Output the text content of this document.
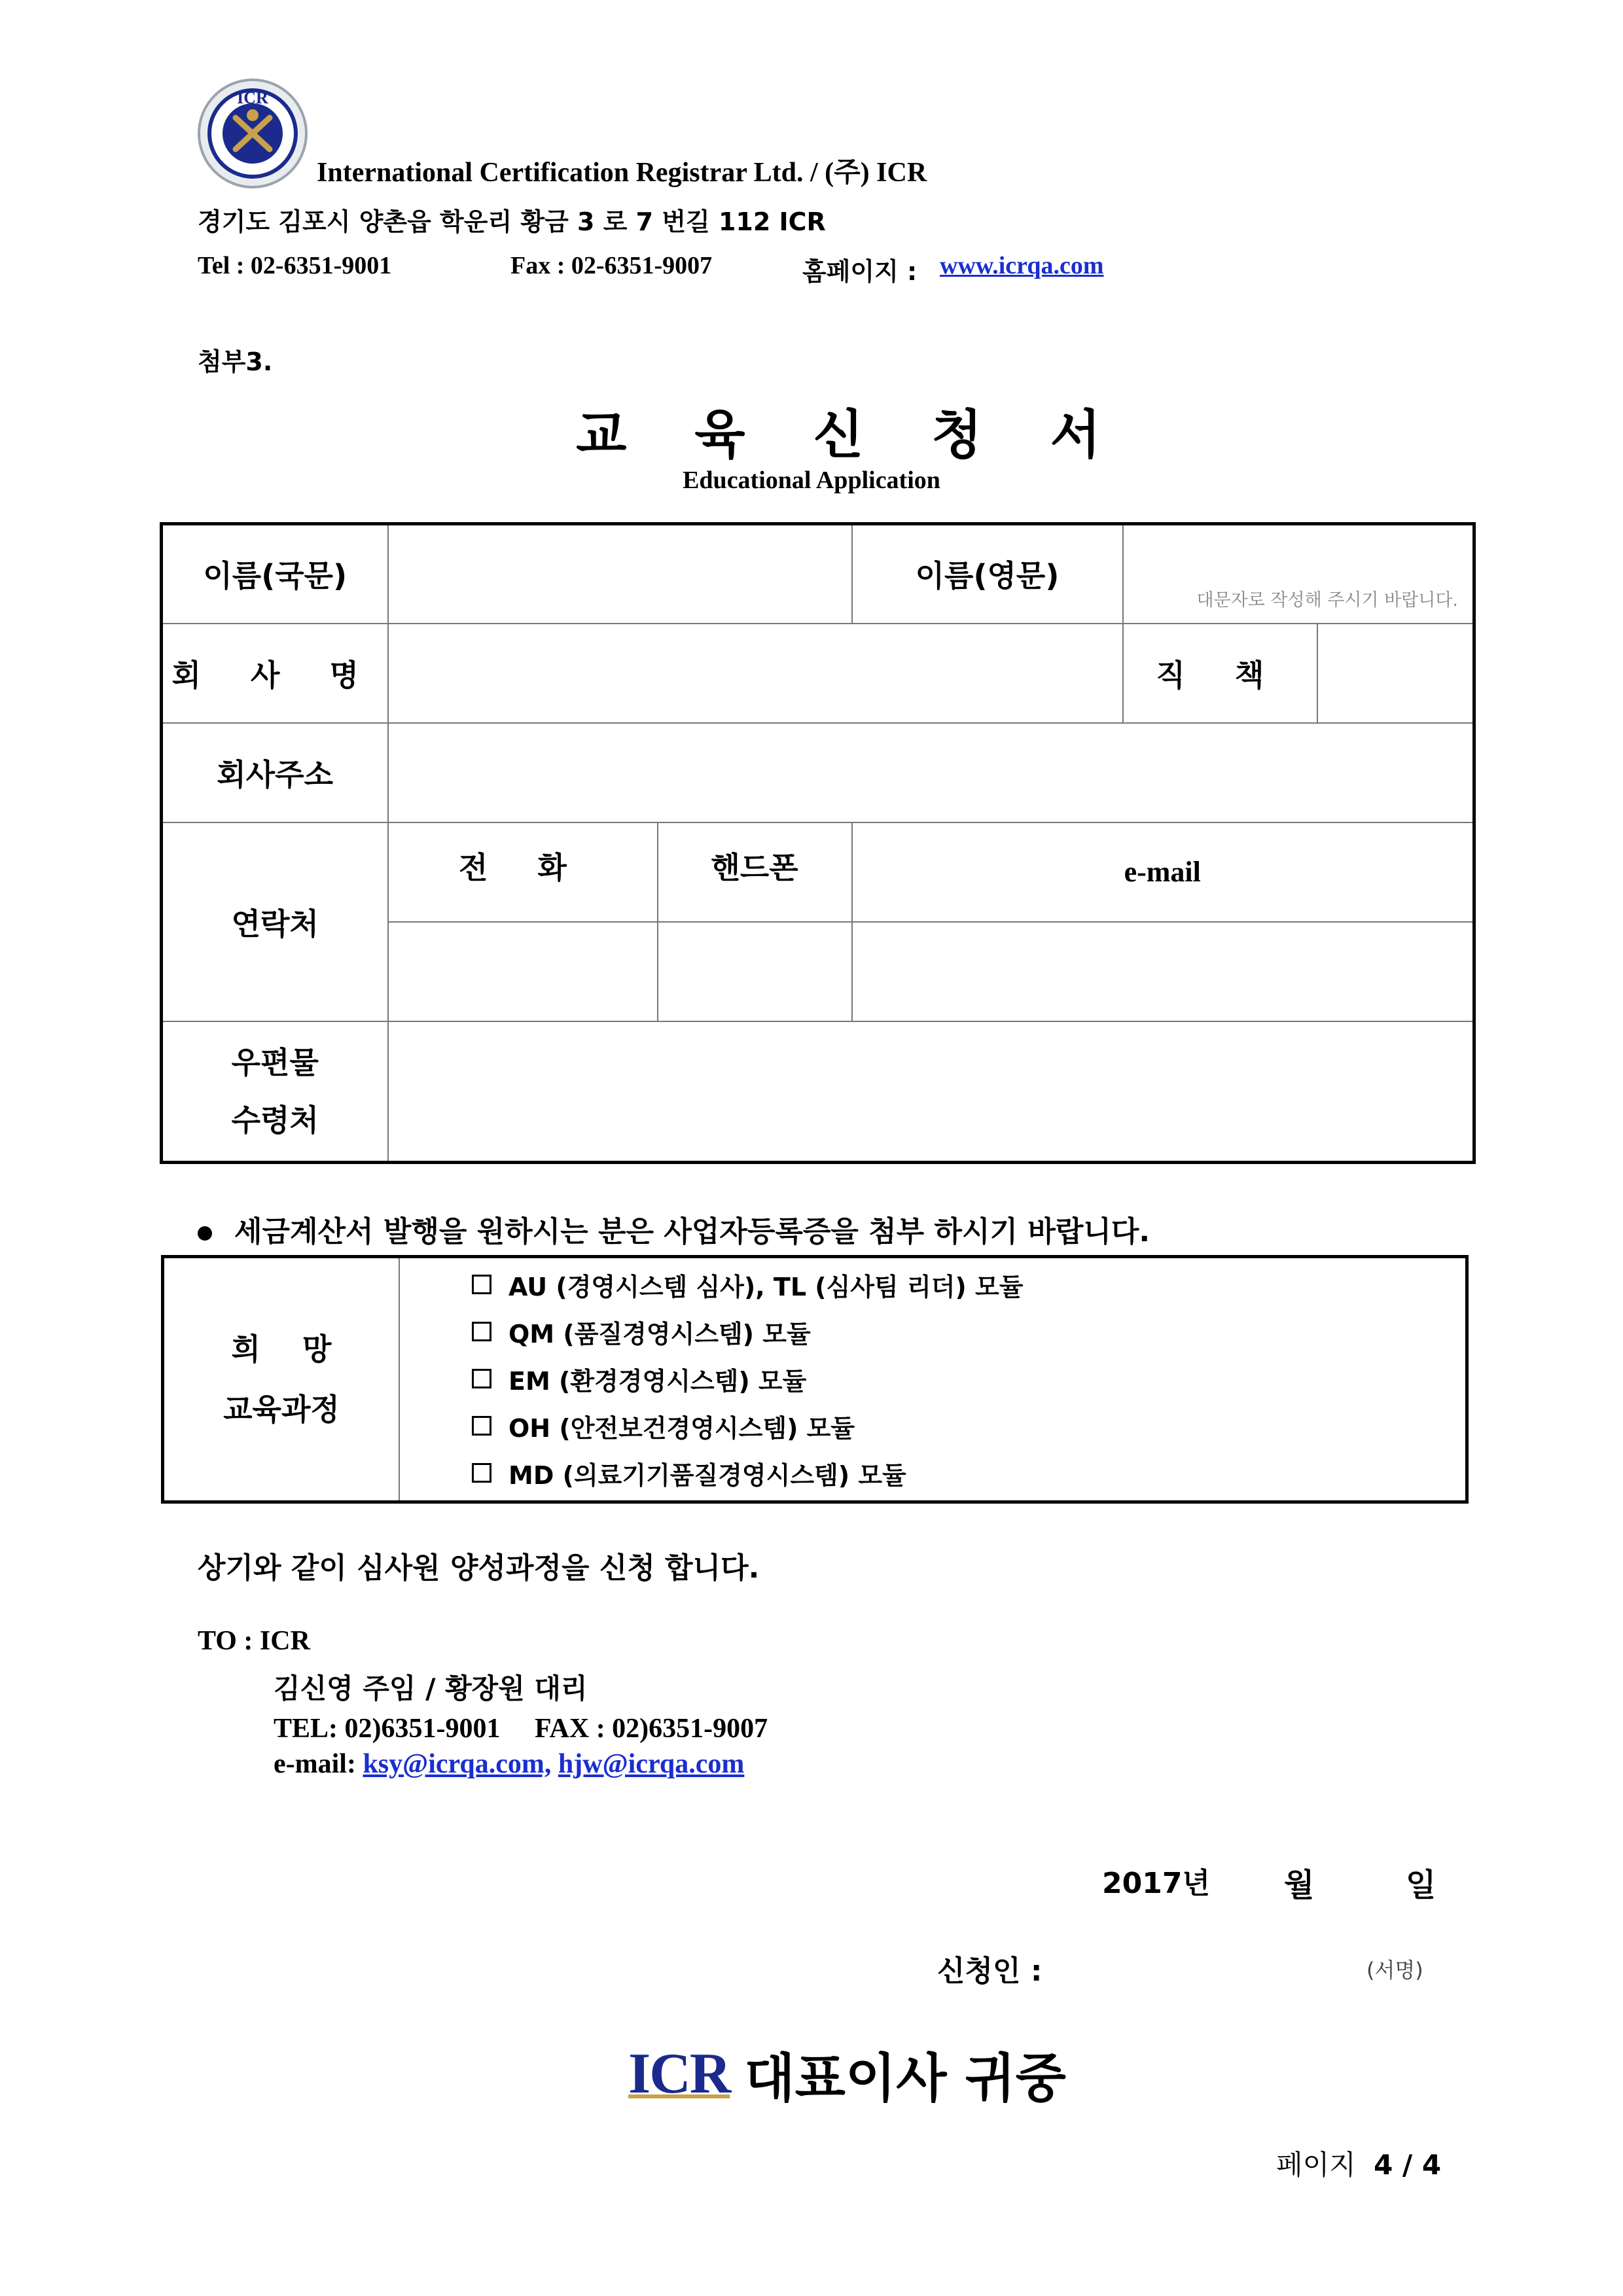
ICR
International Certification Registrar Ltd. / (주) ICR
경기도 김포시 양촌읍 학운리 황금 3 로 7 번길 112 ICR
Tel : 02-6351-9001	Fax : 02-6351-9007	홈페이지 : www.icrqa.com
첨부3.
교 육 신 청 서
Educational Application
이름(국문)			이름(영문)	대문자로 작성해 주시기 바랍니다.

회 사 명				직 책

회사주소				
연락처	전 화	핸드폰	e-mail	

우편물
수령처				
세금계산서 발행을 원하시는 분은 사업자등록증을 첨부 하시기 바랍니다.
희 망
교육과정
AU (경영시스템 심사), TL (심사팀 리더) 모듈
QM (품질경영시스템) 모듈
EM (환경경영시스템) 모듈
OH (안전보건경영시스템) 모듈
MD (의료기기품질경영시스템) 모듈
상기와 같이 심사원 양성과정을 신청 합니다.
TO : ICR
김신영 주임 / 황장원 대리
TEL: 02)6351-9001     FAX : 02)6351-9007
e-mail: ksy@icrqa.com, hjw@icrqa.com
2017년 월	일
신청인 :	(서명)
ICR 대표이사 귀중
페이지 4 / 4
